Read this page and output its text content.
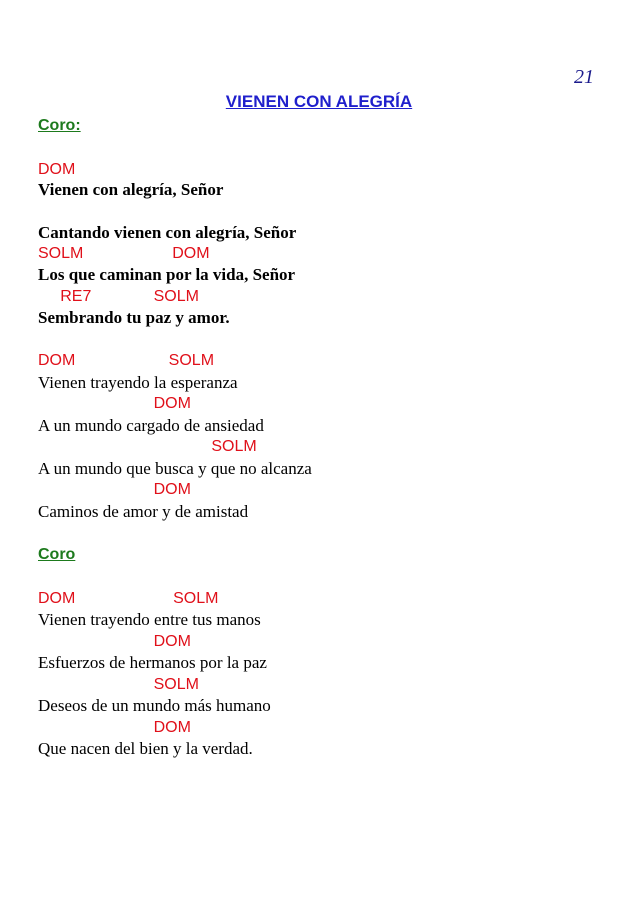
21
VIENEN CON ALEGRÍA
Coro:
DOM
Vienen con alegría, Señor
Cantando vienen con alegría, Señor
SOLM                    DOM
Los que caminan por la vida, Señor
RE7              SOLM
Sembrando tu paz y amor.
DOM                     SOLM
Vienen trayendo la esperanza
DOM
A un mundo cargado de ansiedad
SOLM
A un mundo que busca y que no alcanza
DOM
Caminos de amor y de amistad
Coro
DOM                      SOLM
Vienen trayendo entre tus manos
DOM
Esfuerzos de hermanos por la paz
SOLM
Deseos de un mundo más humano
DOM
Que nacen del bien y la verdad.
